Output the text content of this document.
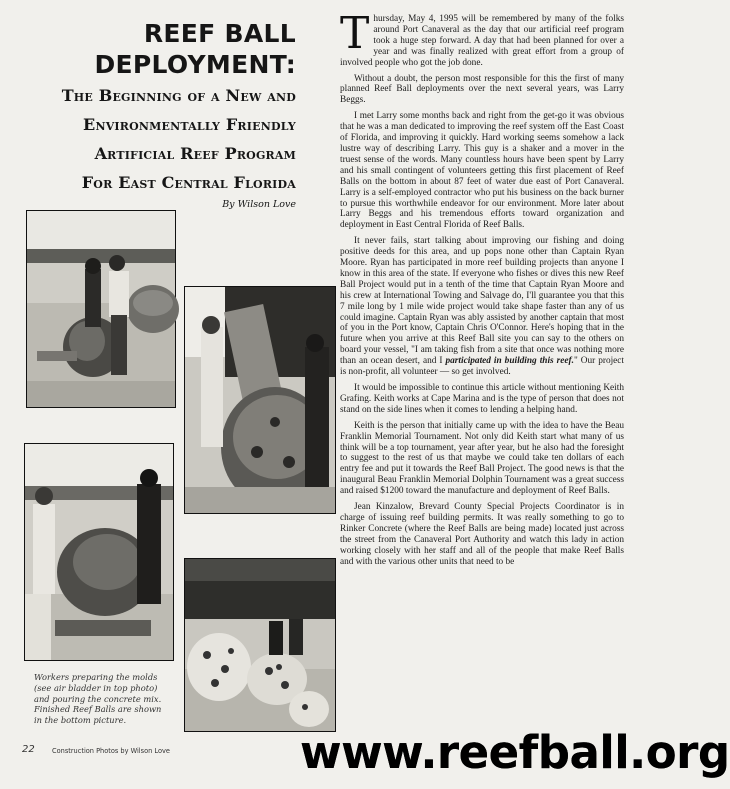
REEF BALL
DEPLOYMENT:
The Beginning of a New and
Environmentally Friendly
Artificial Reef Program
For East Central Florida
By Wilson Love
Workers preparing the molds (see air bladder in top photo) and pouring the concrete mix. Finished Reef Balls are shown in the bottom picture.
22	Construction Photos by Wilson Love

Thursday, May 4, 1995 will be remembered by many of the folks around Port Canaveral as the day that our artificial reef program took a huge step forward. A day that had been planned for over a year and was finally realized with great effort from a group of involved people who got the job done.

Without a doubt, the person most responsible for this the first of many planned Reef Ball deployments over the next several years, was Larry Beggs.

I met Larry some months back and right from the get-go it was obvious that he was a man dedicated to improving the reef system off the East Coast of Florida, and improving it quickly. Hard working seems somehow a lack lustre way of describing Larry. This guy is a shaker and a mover in the truest sense of the words. Many countless hours have been spent by Larry and his small contingent of volunteers getting this first placement of Reef Balls on the bottom in about 87 feet of water due east of Port Canaveral. Larry is a self-employed contractor who put his business on the back burner to pursue this worthwhile endeavor for our environment. More later about Larry Beggs and his tremendous efforts toward organization and deployment in East Central Florida of Reef Balls.

It never fails, start talking about improving our fishing and doing positive deeds for this area, and up pops none other than Captain Ryan Moore. Ryan has participated in more reef building projects than anyone I know in this area of the state. If everyone who fishes or dives this new Reef Ball Project would put in a tenth of the time that Captain Ryan Moore and his crew at International Towing and Salvage do, I'll guarantee you that this 7 mile long by 1 mile wide project would take shape faster than any of us could imagine. Captain Ryan was ably assisted by another captain that most of you in the Port know, Captain Chris O'Connor. Here's hoping that in the future when you arrive at this Reef Ball site you can say to the others on board your vessel, "I am taking fish from a site that once was nothing more than an ocean desert, and I participated in building this reef." Our project is non-profit, all volunteer — so get involved.

It would be impossible to continue this article without mentioning Keith Grafing. Keith works at Cape Marina and is the type of person that does not stand on the side lines when it comes to lending a helping hand.

Keith is the person that initially came up with the idea to have the Beau Franklin Memorial Tournament. Not only did Keith start what many of us think will be a top tournament, year after year, but he also had the foresight to suggest to the rest of us that maybe we could take ten dollars of each entry fee and put it towards the Reef Ball Project. The good news is that the inaugural Beau Franklin Memorial Dolphin Tournament was a great success and raised $1200 toward the manufacture and deployment of Reef Balls.

Jean Kinzalow, Brevard County Special Projects Coordinator is in charge of issuing reef building permits. It was really something to go to Rinker Concrete (where the Reef Balls are being made) located just across the street from the Canaveral Port Authority and watch this lady in action working closely with her staff and all of the people that make Reef Balls and with the various other units that need to be

www.reefball.org
